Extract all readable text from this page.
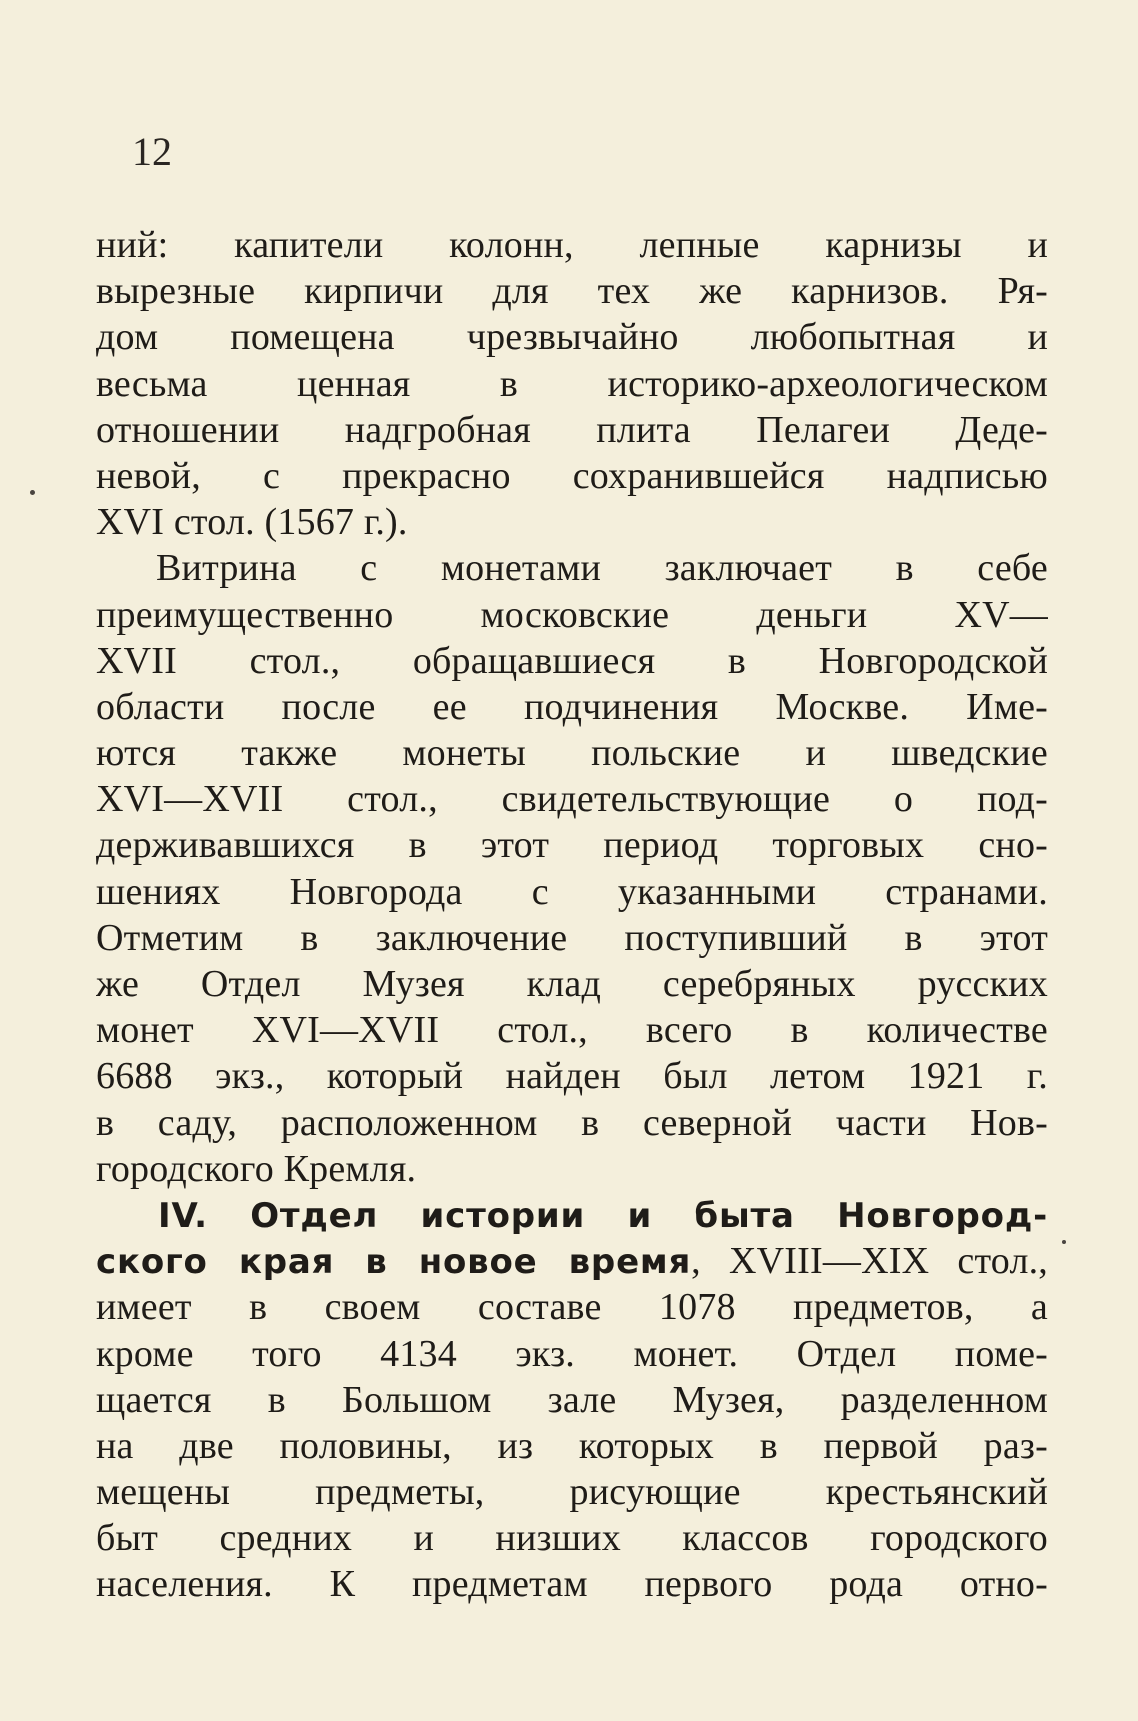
12
ний: капители колонн, лепные карнизы и
вырезные кирпичи для тех же карнизов. Ря-
дом помещена чрезвычайно любопытная и
весьма ценная в историко-археологическом
отношении надгробная плита Пелагеи Деде-
невой, с прекрасно сохранившейся надписью
XVI стол. (1567 г.).
Витрина с монетами заключает в себе
преимущественно московские деньги XV—
XVII стол., обращавшиеся в Новгородской
области после ее подчинения Москве. Име-
ются также монеты польские и шведские
XVI—XVII стол., свидетельствующие о под-
держивавшихся в этот период торговых сно-
шениях Новгорода с указанными странами.
Отметим в заключение поступивший в этот
же Отдел Музея клад серебряных русских
монет XVI—XVII стол., всего в количестве
6688 экз., который найден был летом 1921 г.
в саду, расположенном в северной части Нов-
городского Кремля.
IV. Отдел истории и быта Новгород-
ского края в новое время, XVIII—XIX стол.,
имеет в своем составе 1078 предметов, а
кроме того 4134 экз. монет. Отдел поме-
щается в Большом зале Музея, разделенном
на две половины, из которых в первой раз-
мещены предметы, рисующие крестьянский
быт средних и низших классов городского
населения. К предметам первого рода отно-
